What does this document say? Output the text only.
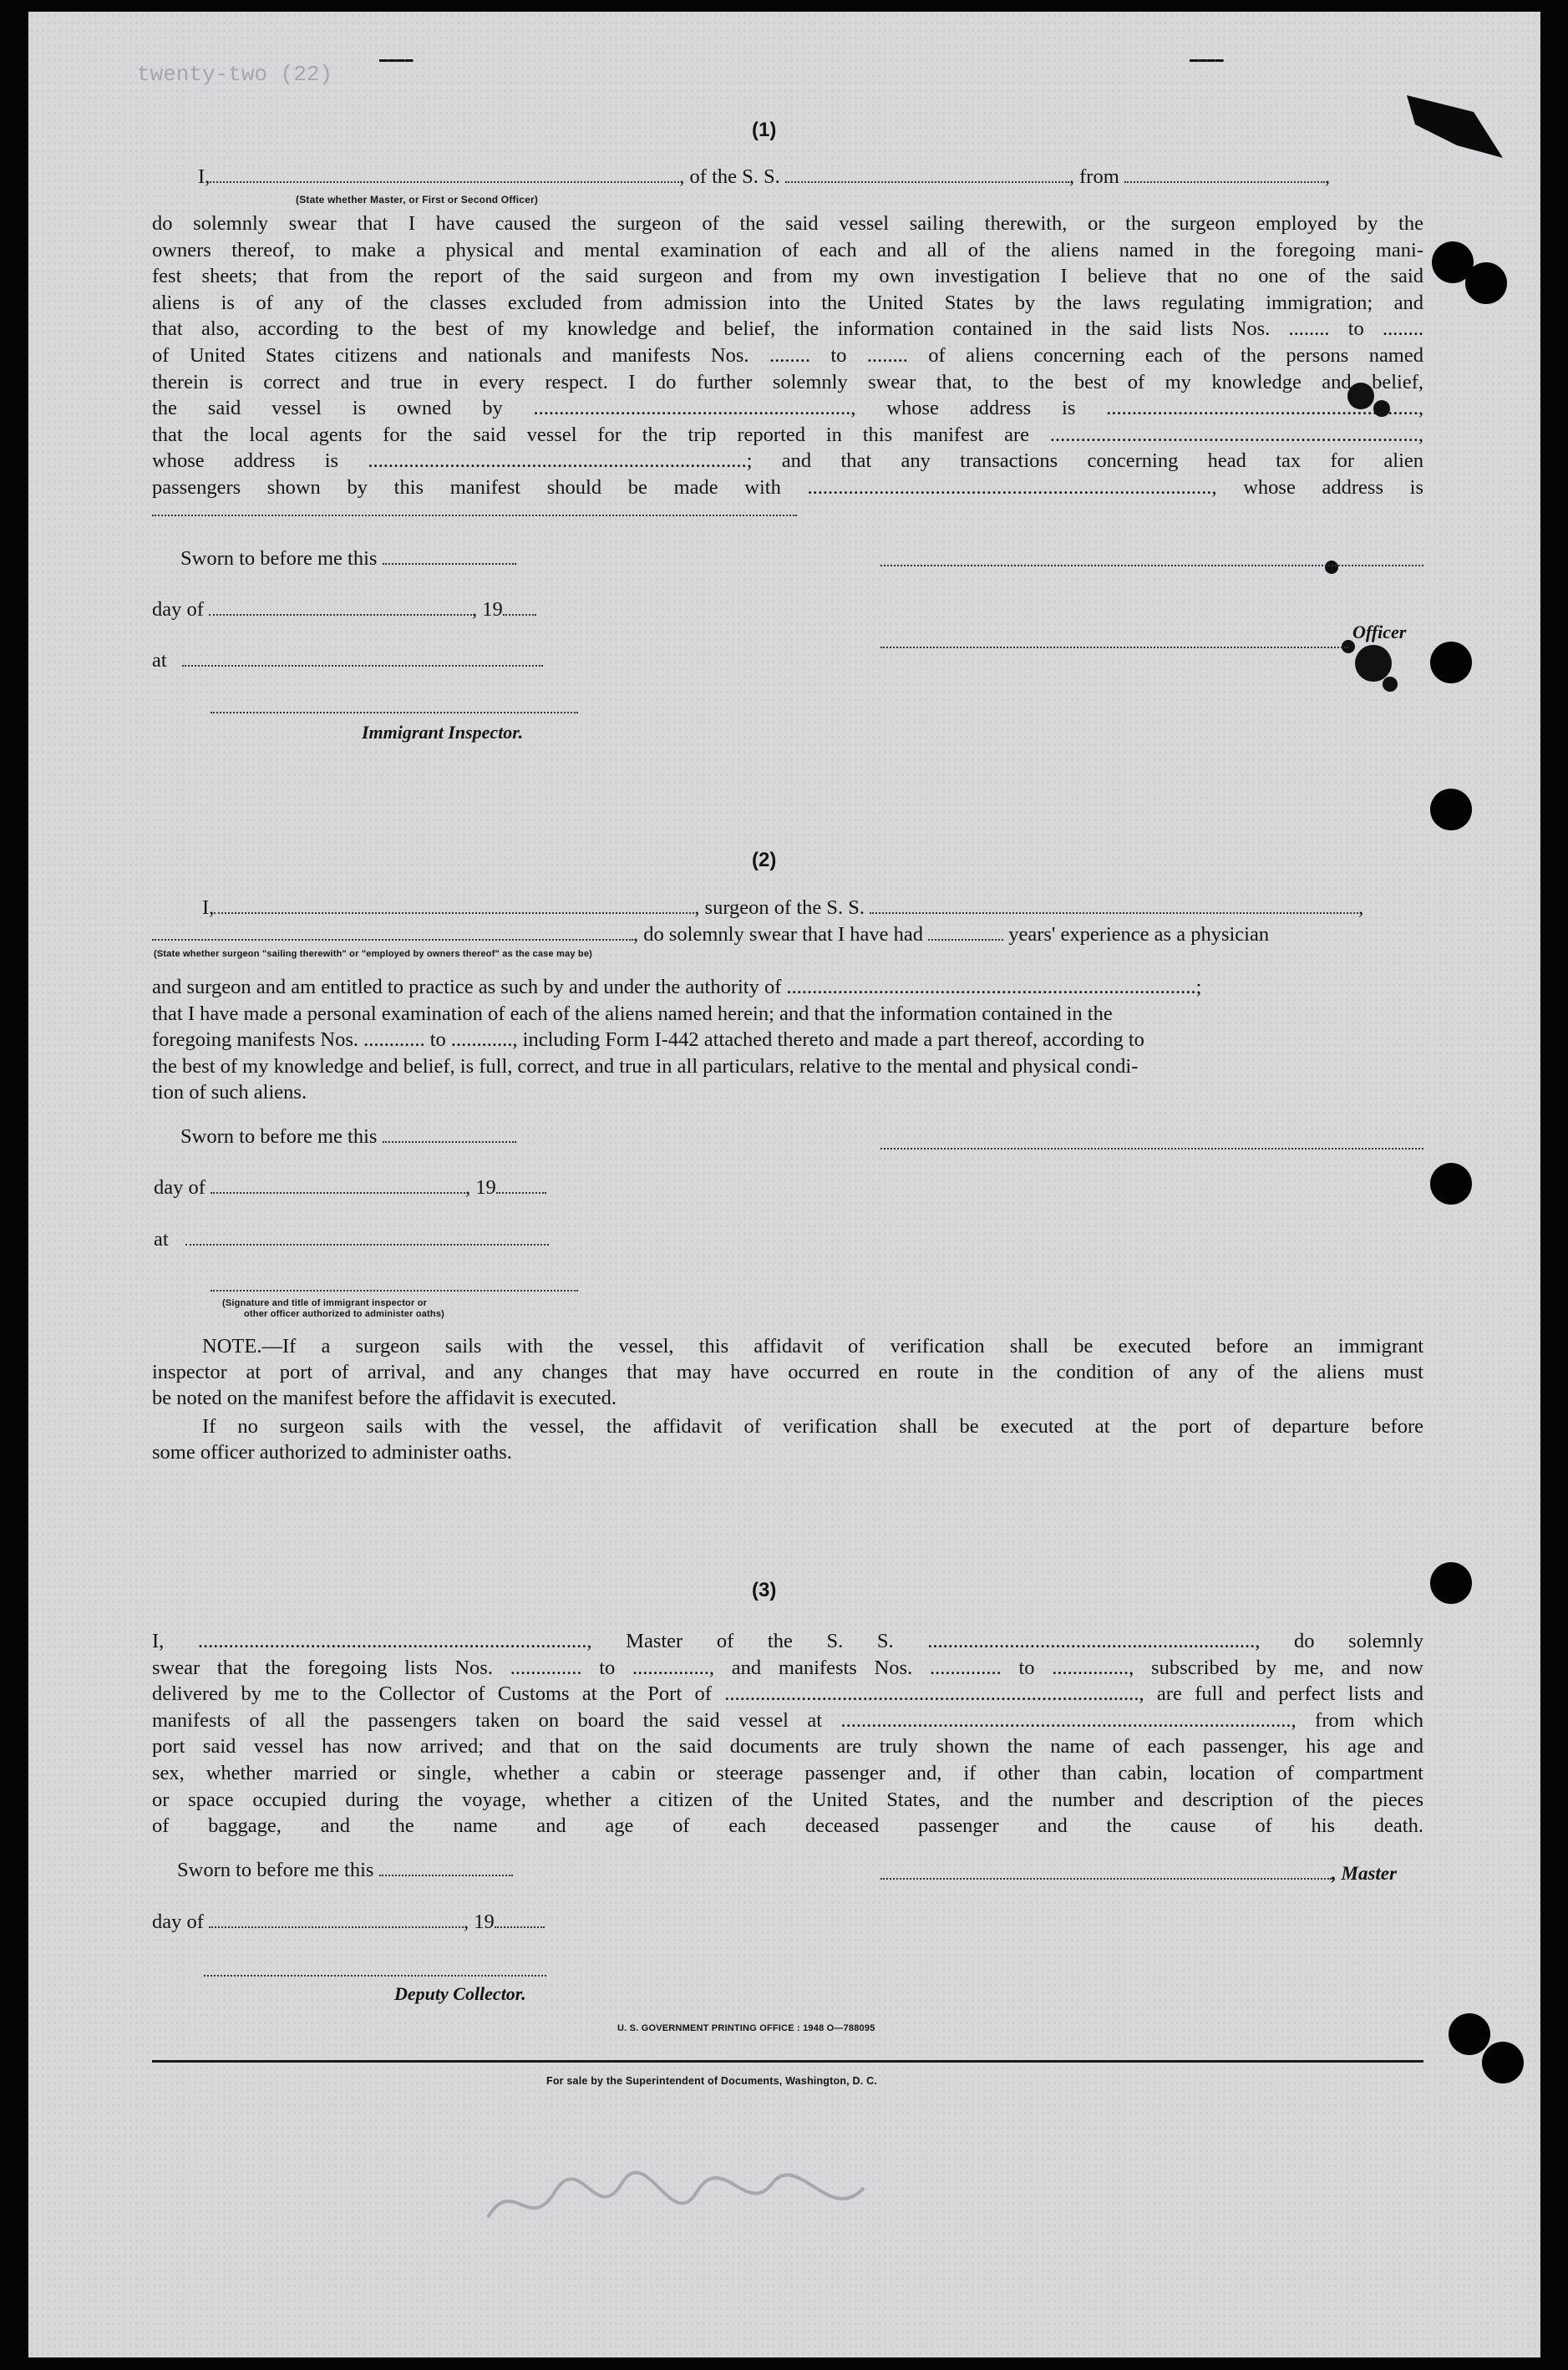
▬▬▬▬	▬▬▬▬
twenty-two (22)
(1)
I,	, of the S. S.	, from	,
(State whether Master, or First or Second Officer)
do solemnly swear that I have caused the surgeon of the said vessel sailing therewith, or the surgeon employed by the
owners thereof, to make a physical and mental examination of each and all of the aliens named in the foregoing mani-
fest sheets; that from the report of the said surgeon and from my own investigation I believe that no one of the said
aliens is of any of the classes excluded from admission into the United States by the laws regulating immigration; and
that also, according to the best of my knowledge and belief, the information contained in the said lists Nos. ........ to ........
of United States citizens and nationals and manifests Nos. ........ to ........ of aliens concerning each of the persons named
therein is correct and true in every respect. I do further solemnly swear that, to the best of my knowledge and belief,
the said vessel is owned by .............................................................., whose address is .............................................................,
that the local agents for the said vessel for the trip reported in this manifest are ........................................................................,
whose address is ..........................................................................; and that any transactions concerning head tax for alien
passengers shown by this manifest should be made with ..............................................................................., whose address is
Sworn to before me this
day of	, 19
at
Immigrant Inspector.
Officer
(2)
I,	, surgeon of the S. S.	,
, do solemnly swear that I have had	years' experience as a physician
(State whether surgeon "sailing therewith" or "employed by owners thereof" as the case may be)
and surgeon and am entitled to practice as such by and under the authority of ................................................................................;
that I have made a personal examination of each of the aliens named herein; and that the information contained in the
foregoing manifests Nos. ............ to ............, including Form I-442 attached thereto and made a part thereof, according to
the best of my knowledge and belief, is full, correct, and true in all particulars, relative to the mental and physical condi-
tion of such aliens.
Sworn to before me this
day of	, 19
at
(Signature and title of immigrant inspector or
other officer authorized to administer oaths)
NOTE.—If a surgeon sails with the vessel, this affidavit of verification shall be executed before an immigrant
inspector at port of arrival, and any changes that may have occurred en route in the condition of any of the aliens must
be noted on the manifest before the affidavit is executed.
If no surgeon sails with the vessel, the affidavit of verification shall be executed at the port of departure before
some officer authorized to administer oaths.
(3)
I, ............................................................................, Master of the S. S. ................................................................, do solemnly
swear that the foregoing lists Nos. .............. to ..............., and manifests Nos. .............. to ..............., subscribed by me, and now
delivered by me to the Collector of Customs at the Port of ................................................................................., are full and perfect lists and
manifests of all the passengers taken on board the said vessel at ........................................................................................, from which
port said vessel has now arrived; and that on the said documents are truly shown the name of each passenger, his age and
sex, whether married or single, whether a cabin or steerage passenger and, if other than cabin, location of compartment
or space occupied during the voyage, whether a citizen of the United States, and the number and description of the pieces
of baggage, and the name and age of each deceased passenger and the cause of his death.
Sworn to before me this	, Master
day of	, 19
Deputy Collector.
U. S. GOVERNMENT PRINTING OFFICE : 1948 O—788095
For sale by the Superintendent of Documents, Washington, D. C.
